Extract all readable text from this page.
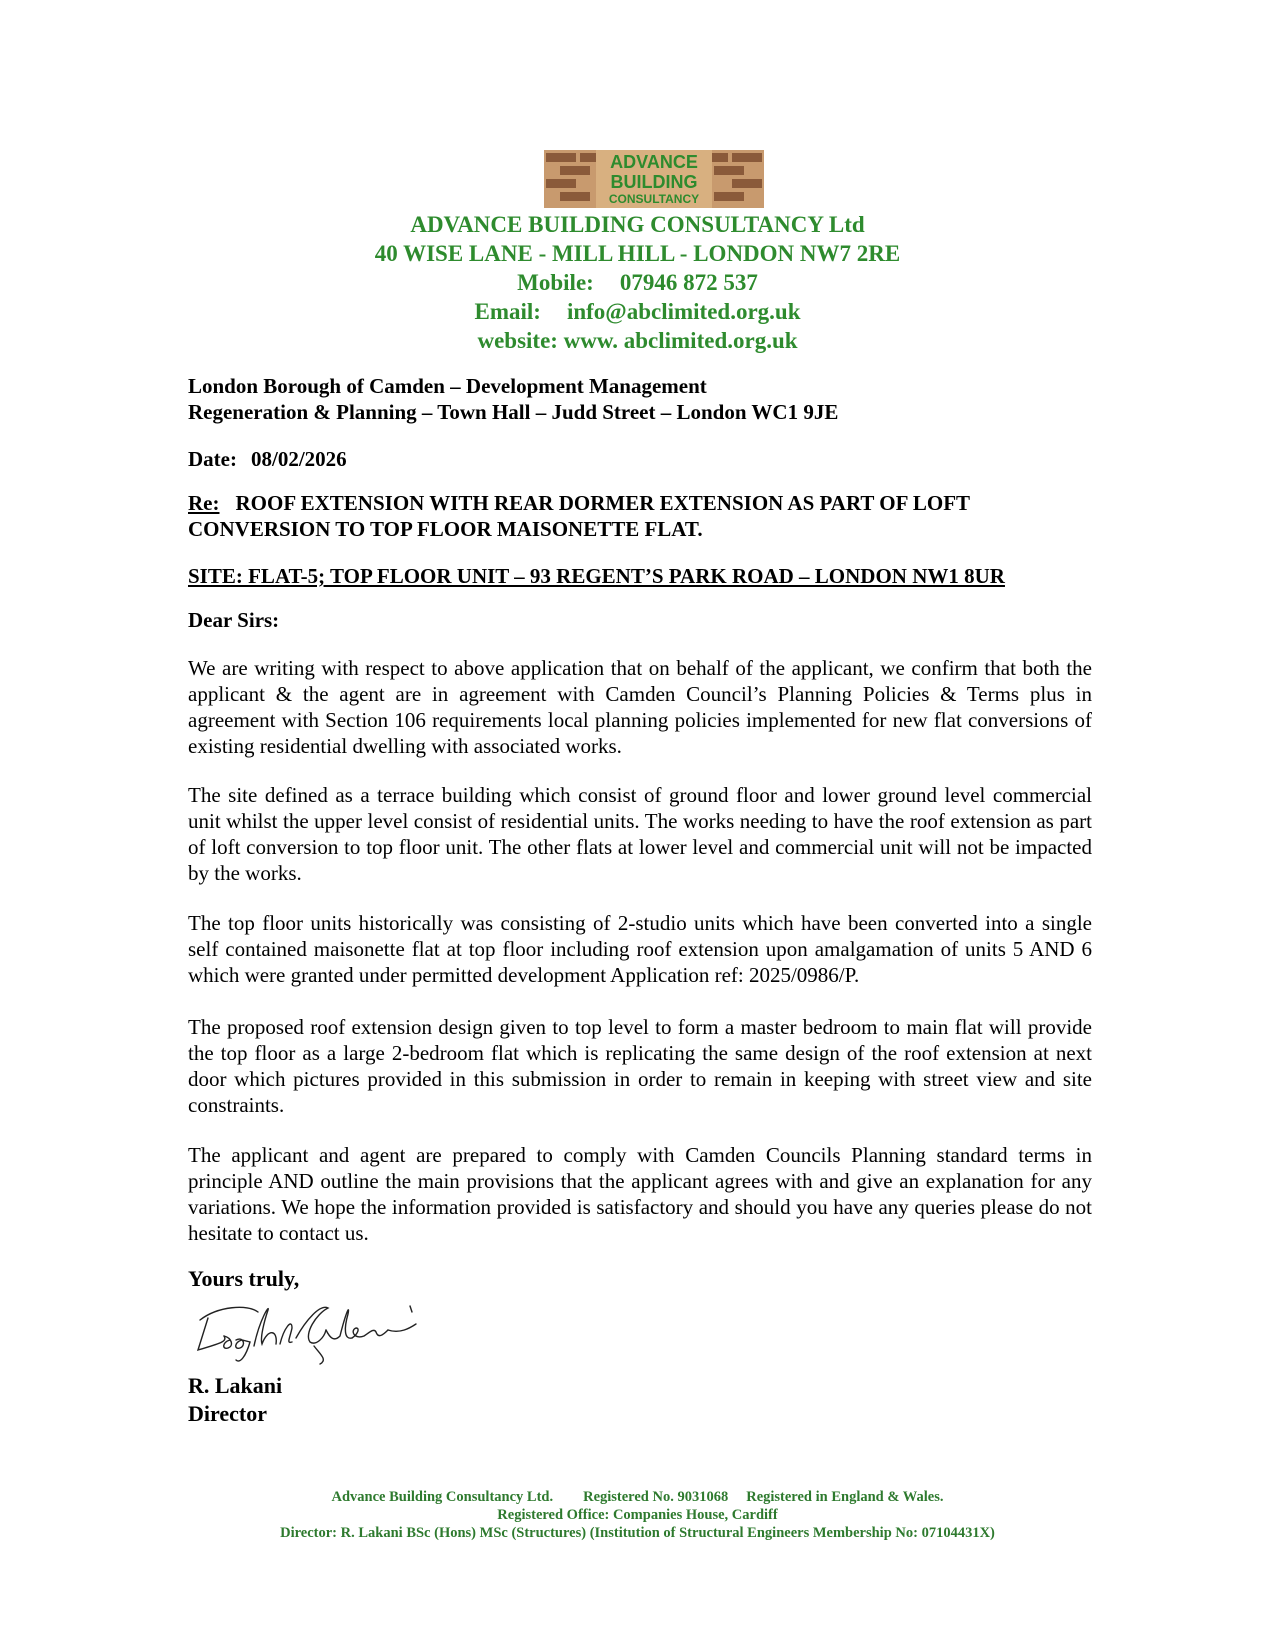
ADVANCE
BUILDING
CONSULTANCY
ADVANCE BUILDING CONSULTANCY Ltd
40 WISE LANE - MILL HILL - LONDON NW7 2RE
Mobile: 07946 872 537
Email: info@abclimited.org.uk
website: www. abclimited.org.uk
London Borough of Camden – Development Management
Regeneration & Planning – Town Hall – Judd Street – London WC1 9JE
Date: 08/02/2026
Re: ROOF EXTENSION WITH REAR DORMER EXTENSION AS PART OF LOFT
CONVERSION TO TOP FLOOR MAISONETTE FLAT.
SITE: FLAT-5; TOP FLOOR UNIT – 93 REGENT’S PARK ROAD – LONDON NW1 8UR
Dear Sirs:
We are writing with respect to above application that on behalf of the applicant, we confirm that both the applicant & the agent are in agreement with Camden Council’s Planning Policies & Terms plus in agreement with Section 106 requirements local planning policies implemented for new flat conversions of existing residential dwelling with associated works.
The site defined as a terrace building which consist of ground floor and lower ground level commercial unit whilst the upper level consist of residential units. The works needing to have the roof extension as part of loft conversion to top floor unit. The other flats at lower level and commercial unit will not be impacted by the works.
The top floor units historically was consisting of 2-studio units which have been converted into a single self contained maisonette flat at top floor including roof extension upon amalgamation of units 5 AND 6 which were granted under permitted development Application ref: 2025/0986/P.
The proposed roof extension design given to top level to form a master bedroom to main flat will provide the top floor as a large 2-bedroom flat which is replicating the same design of the roof extension at next door which pictures provided in this submission in order to remain in keeping with street view and site constraints.
The applicant and agent are prepared to comply with Camden Councils Planning standard terms in principle AND outline the main provisions that the applicant agrees with and give an explanation for any variations. We hope the information provided is satisfactory and should you have any queries please do not hesitate to contact us.
Yours truly,
R. Lakani
Director
Advance Building Consultancy Ltd. Registered No. 9031068 Registered in England & Wales.
Registered Office: Companies House, Cardiff
Director: R. Lakani BSc (Hons) MSc (Structures) (Institution of Structural Engineers Membership No: 07104431X)
